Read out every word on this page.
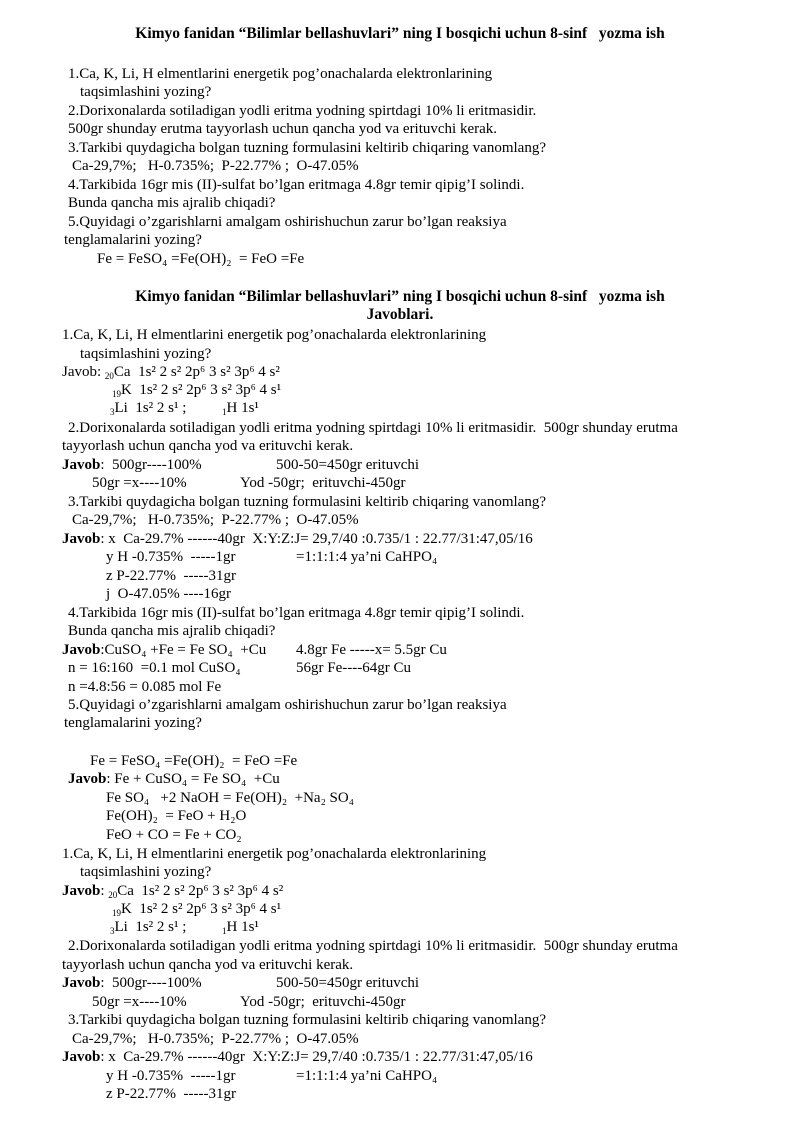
Kimyo fanidan “Bilimlar bellashuvlari” ning I bosqichi uchun 8-sinf   yozma ish
1.Ca, K, Li, H elmentlarini energetik pog’onachalarda elektronlarining
taqsimlashini yozing?
2.Dorixonalarda sotiladigan yodli eritma yodning spirtdagi 10% li eritmasidir.
500gr shunday erutma tayyorlash uchun qancha yod va erituvchi kerak.
3.Tarkibi quydagicha bolgan tuzning formulasini keltirib chiqaring vanomlang?
Ca-29,7%;   H-0.735%;  P-22.77% ;  O-47.05%
4.Tarkibida 16gr mis (II)-sulfat bo’lgan eritmaga 4.8gr temir qipig’I solindi.
Bunda qancha mis ajralib chiqadi?
5.Quyidagi o’zgarishlarni amalgam oshirishuchun zarur bo’lgan reaksiya
tenglamalarini yozing?
Fe = FeSO₄ =Fe(OH)₂  = FeO =Fe
Kimyo fanidan “Bilimlar bellashuvlari” ning I bosqichi uchun 8-sinf   yozma ish
Javoblari.
1.Ca, K, Li, H elmentlarini energetik pog’onachalarda elektronlarining
taqsimlashini yozing?
Javob: $_{20}$Ca  1s² 2 s² 2p⁶ 3 s² 3p⁶ 4 s²
$_{19}$K  1s² 2 s² 2p⁶ 3 s² 3p⁶ 4 s¹
$_3$Li  1s² 2 s¹ ;	$_1$H 1s¹
2.Dorixonalarda sotiladigan yodli eritma yodning spirtdagi 10% li eritmasidir.  500gr shunday erutma
tayyorlash uchun qancha yod va erituvchi kerak.
Javob:  500gr----100%	500-50=450gr erituvchi
50gr =x----10%	Yod -50gr;  erituvchi-450gr
3.Tarkibi quydagicha bolgan tuzning formulasini keltirib chiqaring vanomlang?
Ca-29,7%;   H-0.735%;  P-22.77% ;  O-47.05%
Javob: x  Ca-29.7% ------40gr  X:Y:Z:J= 29,7/40 :0.735/1 : 22.77/31:47,05/16
y H -0.735%  -----1gr	=1:1:1:4 ya’ni CaHPO₄
z P-22.77%  -----31gr
j  O-47.05% ----16gr
4.Tarkibida 16gr mis (II)-sulfat bo’lgan eritmaga 4.8gr temir qipig’I solindi.
Bunda qancha mis ajralib chiqadi?
Javob:CuSO₄ +Fe = Fe SO₄  +Cu 4.8gr Fe -----x= 5.5gr Cu
n = 16:160  =0.1 mol CuSO₄	56gr Fe----64gr Cu
n =4.8:56 = 0.085 mol Fe
5.Quyidagi o’zgarishlarni amalgam oshirishuchun zarur bo’lgan reaksiya
tenglamalarini yozing?
Fe = FeSO₄ =Fe(OH)₂  = FeO =Fe
Javob: Fe + CuSO₄ = Fe SO₄  +Cu
Fe SO₄   +2 NaOH = Fe(OH)₂  +Na₂ SO₄
Fe(OH)₂  = FeO + H₂O
FeO + CO = Fe + CO₂
1.Ca, K, Li, H elmentlarini energetik pog’onachalarda elektronlarining
taqsimlashini yozing?
Javob: $_{20}$Ca  1s² 2 s² 2p⁶ 3 s² 3p⁶ 4 s²
$_{19}$K  1s² 2 s² 2p⁶ 3 s² 3p⁶ 4 s¹
$_3$Li  1s² 2 s¹ ;	$_1$H 1s¹
2.Dorixonalarda sotiladigan yodli eritma yodning spirtdagi 10% li eritmasidir.  500gr shunday erutma
tayyorlash uchun qancha yod va erituvchi kerak.
Javob:  500gr----100%	500-50=450gr erituvchi
50gr =x----10%	Yod -50gr;  erituvchi-450gr
3.Tarkibi quydagicha bolgan tuzning formulasini keltirib chiqaring vanomlang?
Ca-29,7%;   H-0.735%;  P-22.77% ;  O-47.05%
Javob: x  Ca-29.7% ------40gr  X:Y:Z:J= 29,7/40 :0.735/1 : 22.77/31:47,05/16
y H -0.735%  -----1gr	=1:1:1:4 ya’ni CaHPO₄
z P-22.77%  -----31gr
